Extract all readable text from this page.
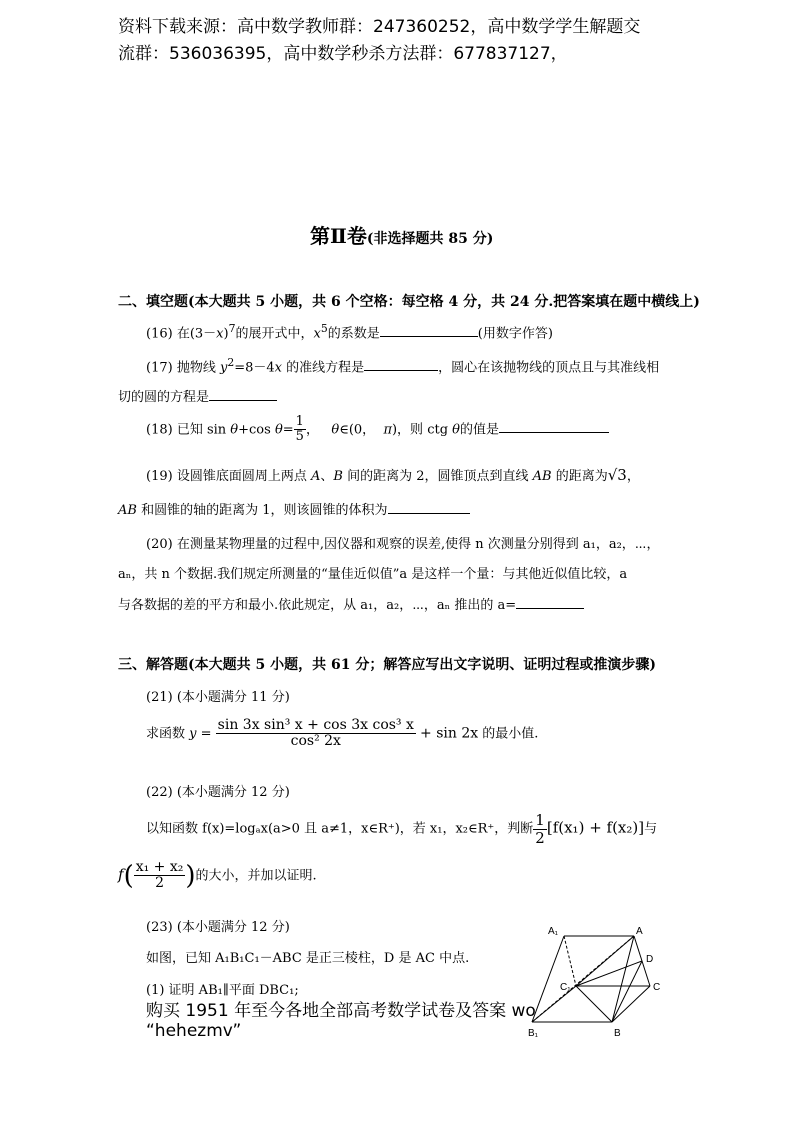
资料下载来源：高中数学教师群：247360252，高中数学学生解题交
流群：536036395，高中数学秒杀方法群：677837127，
第Ⅱ卷(非选择题共 85 分)
二、填空题(本大题共 5 小题，共 6 个空格：每空格 4 分，共 24 分.把答案填在题中横线上)
(16) 在$(3-x)^7$的展开式中，$x^5$的系数是	(用数字作答)
(17) 抛物线 $y^2=8-4x$ 的准线方程是	，圆心在该抛物线的顶点且与其准线相
切的圆的方程是
(18) 已知 sin θ+cos $\theta= \frac{1}{5}$ ， θ∈(0， π)，则 ctg θ的值是
(19) 设圆锥底面圆周上两点 A、B 间的距离为 2，圆锥顶点到直线 AB 的距离为√3，
AB 和圆锥的轴的距离为 1，则该圆锥的体积为
(20) 在测量某物理量的过程中,因仪器和观察的误差,使得 n 次测量分别得到 a₁，a₂，⋯，
aₙ，共 n 个数据.我们规定所测量的“量佳近似值”a 是这样一个量：与其他近似值比较，a
与各数据的差的平方和最小.依此规定，从 a₁，a₂，⋯，aₙ 推出的 a=
三、解答题(本大题共 5 小题，共 61 分；解答应写出文字说明、证明过程或推演步骤)
(21) (本小题满分 11 分)
求函数 $y = \frac{\text{sin 3x sin³ x + cos 3x cos³ x}}{\text{cos² 2x}} + \sin 2x$ 的最小值.
(22) (本小题满分 12 分)
以知函数 f(x)=logₐx(a>0 且 a≠1，x∈R⁺)，若 x₁，x₂∈R⁺，判断 $\frac{1}{2} [f(x_1) + f(x_2)]$与
$f( \frac{\text{x₁ + x₂}}{2}$ )的大小，并加以证明.
(23) (本小题满分 12 分)
如图，已知 A₁B₁C₁－ABC 是正三棱柱，D 是 AC 中点.
(1) 证明 AB₁∥平面 DBC₁;
购买 1951 年至今各地全部高考数学试卷及答案 wo
“hehezmv”
A₁	A
D
C₁	C
B₁	B
